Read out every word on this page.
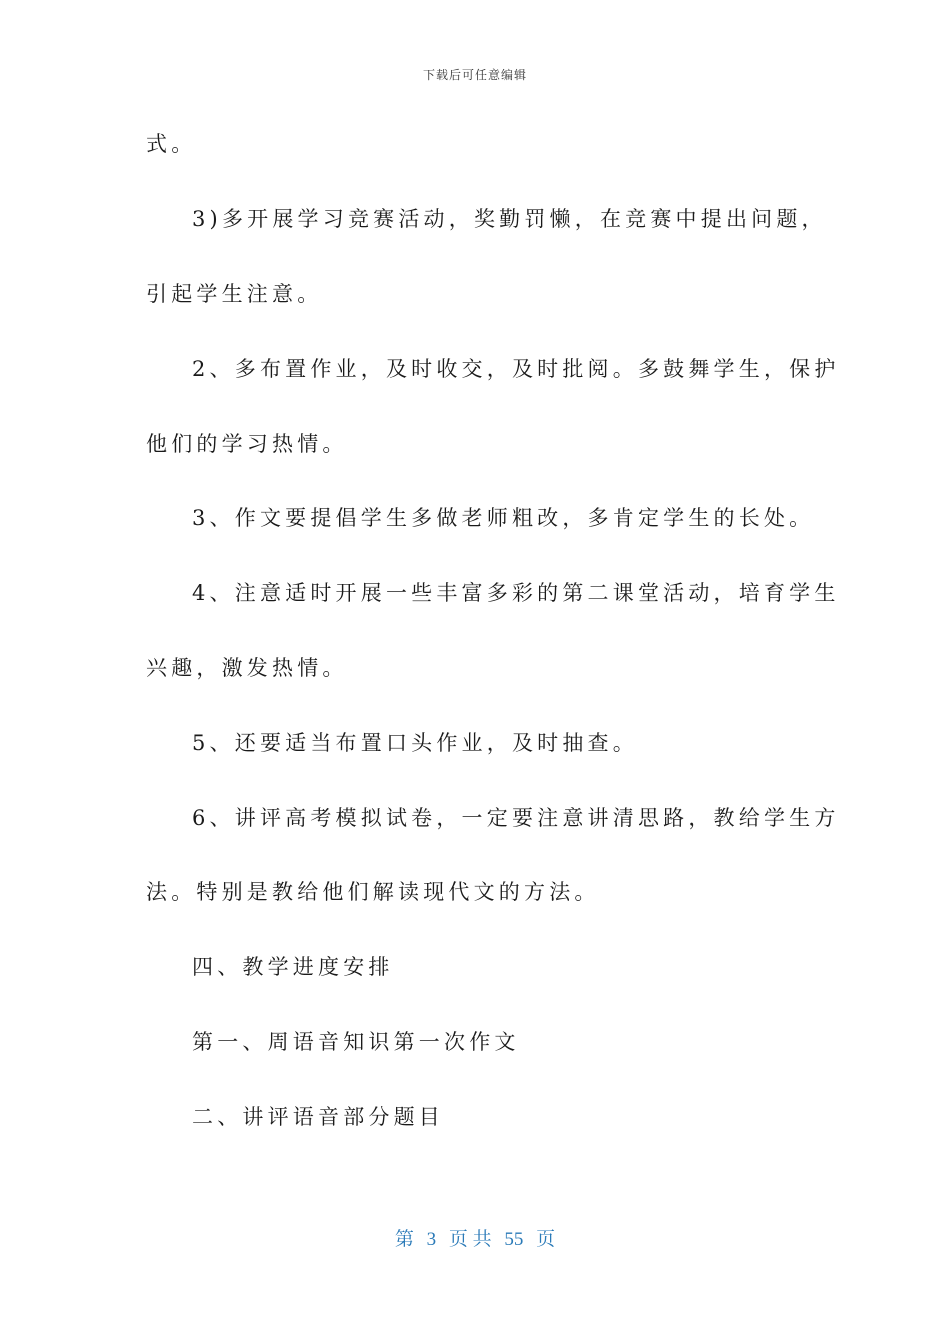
下载后可任意编辑
式。
3)多开展学习竞赛活动，奖勤罚懒，在竞赛中提出问题，
引起学生注意。
2、多布置作业，及时收交，及时批阅。多鼓舞学生，保护
他们的学习热情。
3、作文要提倡学生多做老师粗改，多肯定学生的长处。
4、注意适时开展一些丰富多彩的第二课堂活动，培育学生
兴趣，激发热情。
5、还要适当布置口头作业，及时抽查。
6、讲评高考模拟试卷，一定要注意讲清思路，教给学生方
法。特别是教给他们解读现代文的方法。
四、教学进度安排
第一、周语音知识第一次作文
二、讲评语音部分题目
第 3 页 共 55 页
